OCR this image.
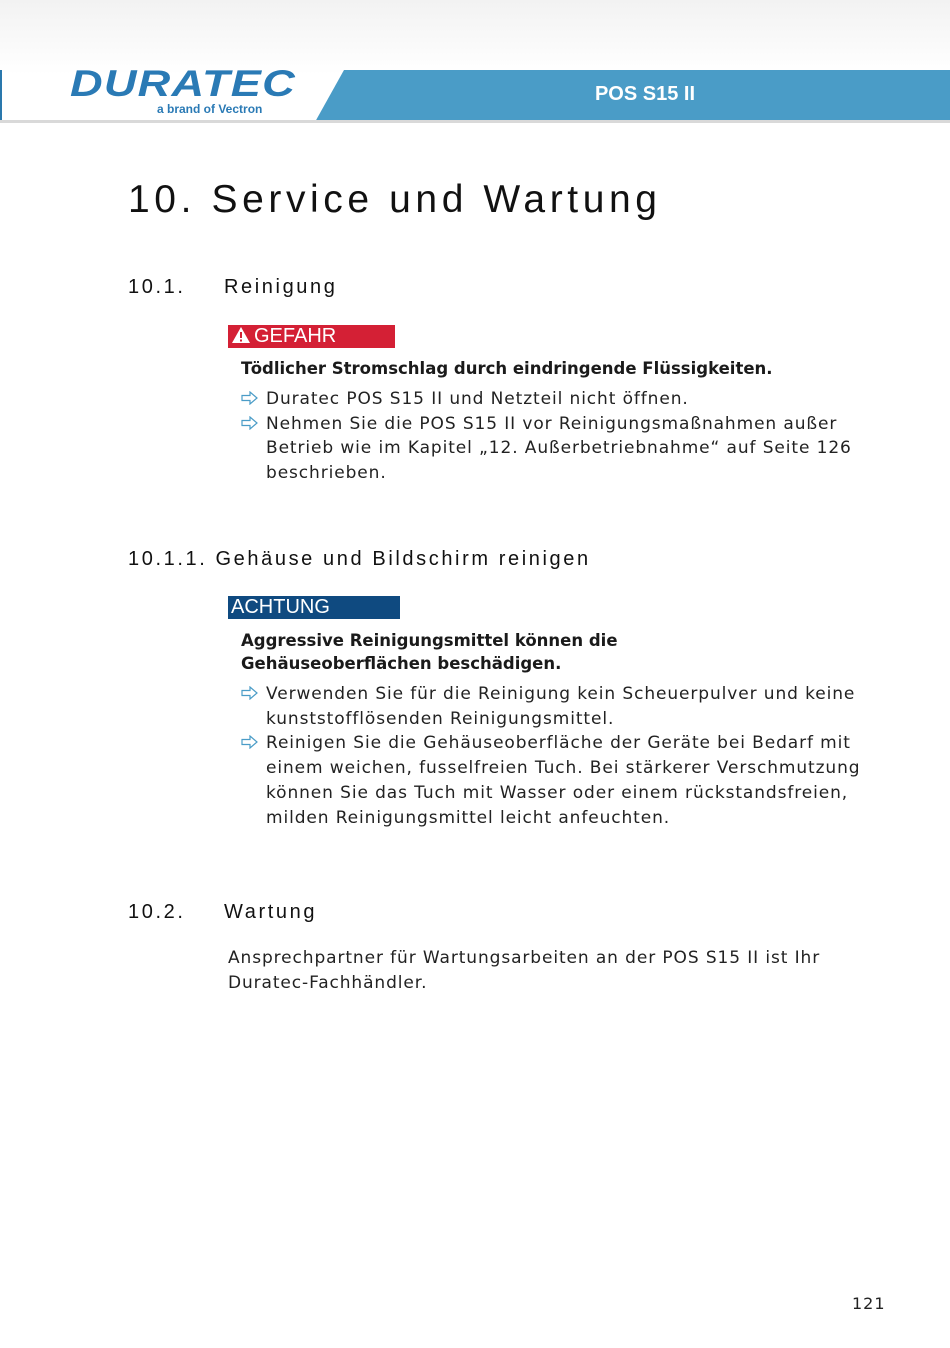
DURATEC
a brand of Vectron
POS S15 II
10. Service und Wartung
10.1. Reinigung
GEFAHR
Tödlicher Stromschlag durch eindringende Flüssigkeiten.
Duratec POS S15 II und Netzteil nicht öffnen.
Nehmen Sie die POS S15 II vor Reinigungsmaßnahmen außer Betrieb wie im Kapitel „12. Außerbetriebnahme“ auf Seite 126 beschrieben.
10.1.1. Gehäuse und Bildschirm reinigen
ACHTUNG
Aggressive Reinigungsmittel können die Gehäuseoberflächen beschädigen.
Verwenden Sie für die Reinigung kein Scheuerpulver und keine kunststofflösenden Reinigungsmittel.
Reinigen Sie die Gehäuseoberfläche der Geräte bei Bedarf mit einem weichen, fusselfreien Tuch. Bei stärkerer Verschmutzung können Sie das Tuch mit Wasser oder einem rückstandsfreien, milden Reinigungsmittel leicht anfeuchten.
10.2. Wartung
Ansprechpartner für Wartungsarbeiten an der POS S15 II ist Ihr Duratec-Fachhändler.
121
